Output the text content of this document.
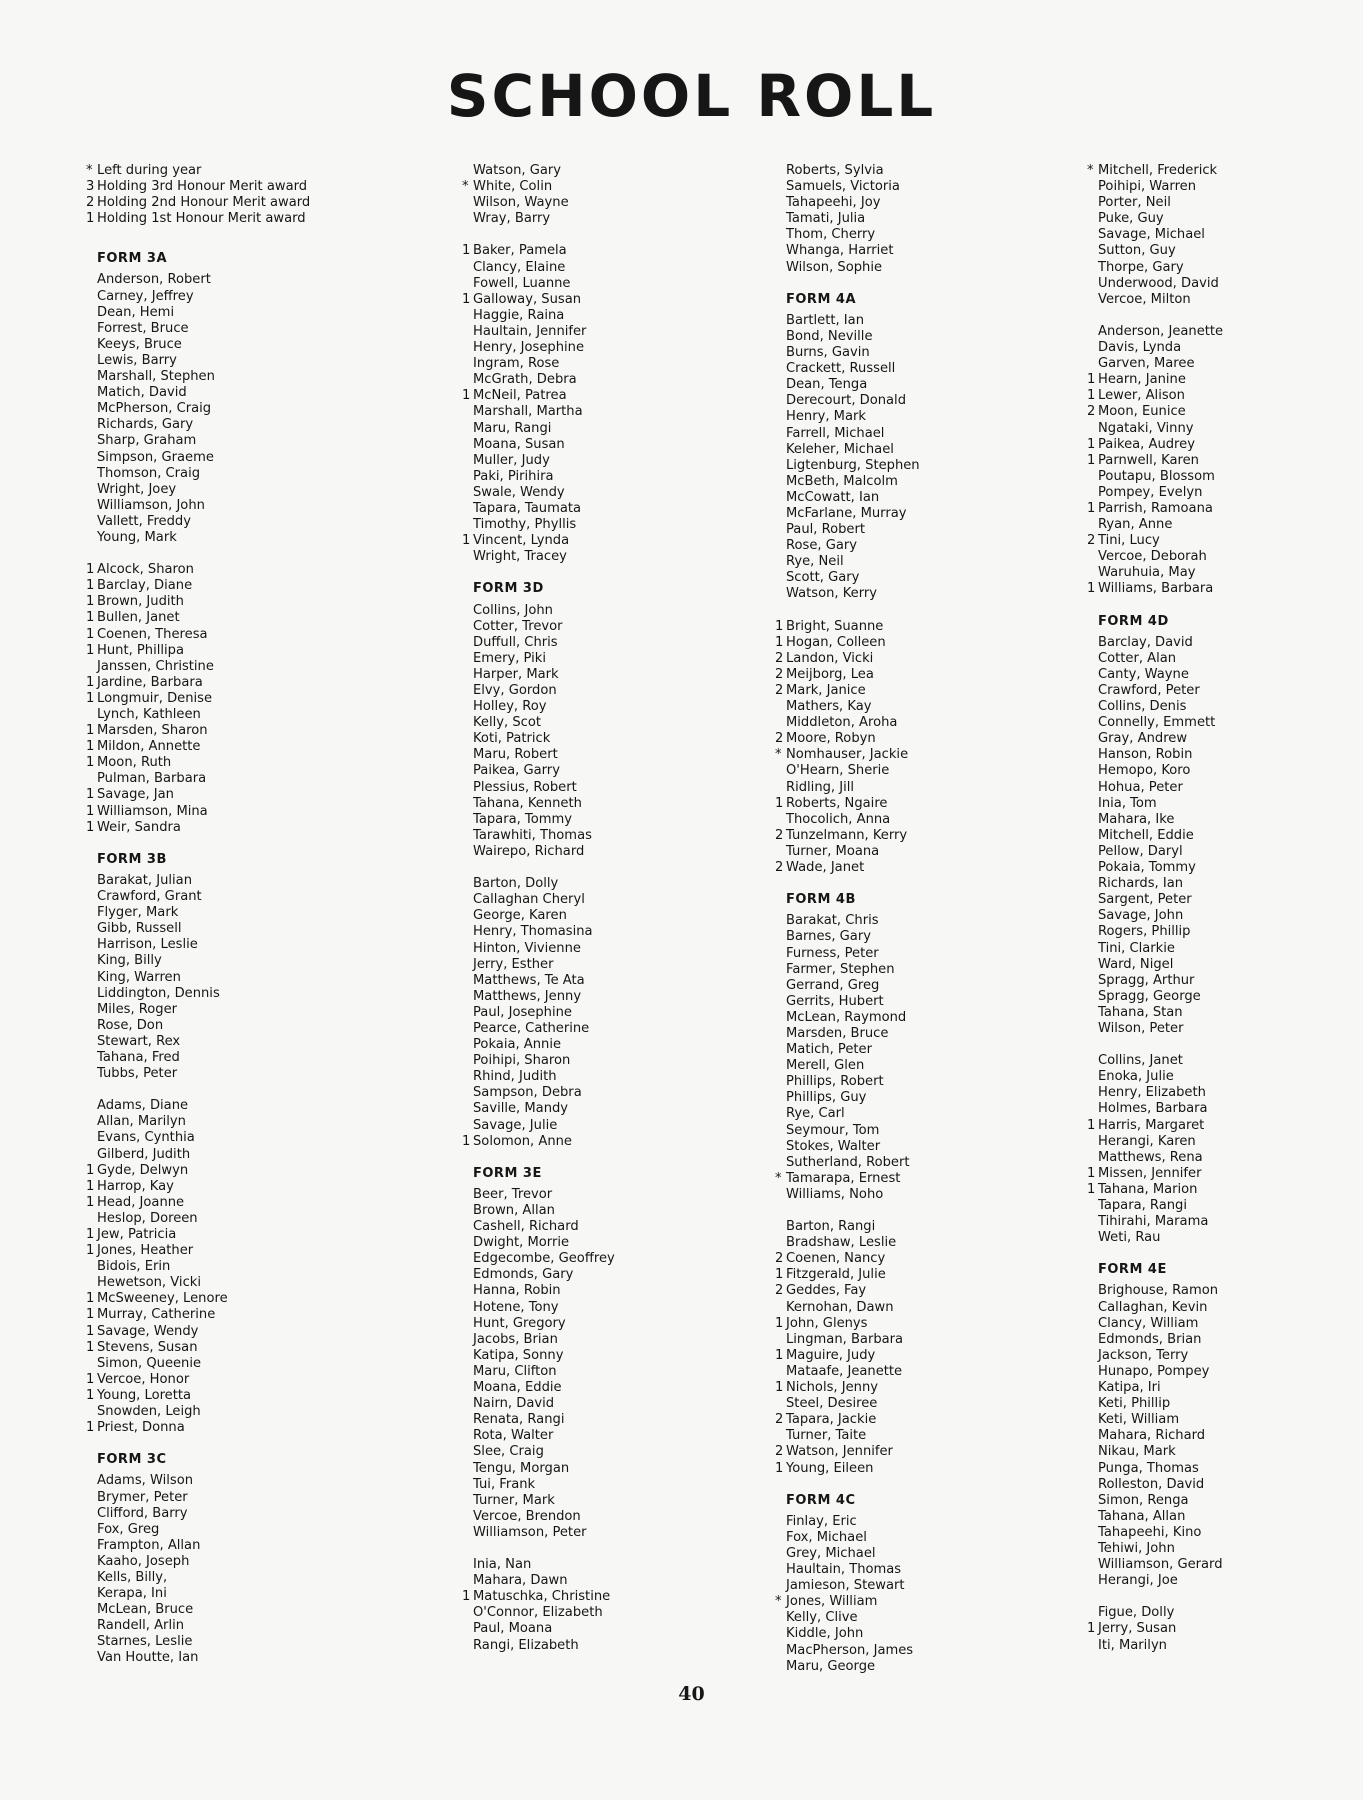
SCHOOL ROLL
* Left during year
3 Holding 3rd Honour Merit award
2 Holding 2nd Honour Merit award
1 Holding 1st Honour Merit award
FORM 3A
Anderson, Robert
Carney, Jeffrey
Dean, Hemi
Forrest, Bruce
Keeys, Bruce
Lewis, Barry
Marshall, Stephen
Matich, David
McPherson, Craig
Richards, Gary
Sharp, Graham
Simpson, Graeme
Thomson, Craig
Wright, Joey
Williamson, John
Vallett, Freddy
Young, Mark
1 Alcock, Sharon
1 Barclay, Diane
1 Brown, Judith
1 Bullen, Janet
1 Coenen, Theresa
1 Hunt, Phillipa
Janssen, Christine
1 Jardine, Barbara
1 Longmuir, Denise
Lynch, Kathleen
1 Marsden, Sharon
1 Mildon, Annette
1 Moon, Ruth
Pulman, Barbara
1 Savage, Jan
1 Williamson, Mina
1 Weir, Sandra
FORM 3B
Barakat, Julian
Crawford, Grant
Flyger, Mark
Gibb, Russell
Harrison, Leslie
King, Billy
King, Warren
Liddington, Dennis
Miles, Roger
Rose, Don
Stewart, Rex
Tahana, Fred
Tubbs, Peter
Adams, Diane
Allan, Marilyn
Evans, Cynthia
Gilberd, Judith
1 Gyde, Delwyn
1 Harrop, Kay
1 Head, Joanne
Heslop, Doreen
1 Jew, Patricia
1 Jones, Heather
Bidois, Erin
Hewetson, Vicki
1 McSweeney, Lenore
1 Murray, Catherine
1 Savage, Wendy
1 Stevens, Susan
Simon, Queenie
1 Vercoe, Honor
1 Young, Loretta
Snowden, Leigh
1 Priest, Donna
FORM 3C
Adams, Wilson
Brymer, Peter
Clifford, Barry
Fox, Greg
Frampton, Allan
Kaaho, Joseph
Kells, Billy,
Kerapa, Ini
McLean, Bruce
Randell, Arlin
Starnes, Leslie
Van Houtte, Ian
Watson, Gary
* White, Colin
Wilson, Wayne
Wray, Barry
1 Baker, Pamela
Clancy, Elaine
Fowell, Luanne
1 Galloway, Susan
Haggie, Raina
Haultain, Jennifer
Henry, Josephine
Ingram, Rose
McGrath, Debra
1 McNeil, Patrea
Marshall, Martha
Maru, Rangi
Moana, Susan
Muller, Judy
Paki, Pirihira
Swale, Wendy
Tapara, Taumata
Timothy, Phyllis
1 Vincent, Lynda
Wright, Tracey
FORM 3D
Collins, John
Cotter, Trevor
Duffull, Chris
Emery, Piki
Harper, Mark
Elvy, Gordon
Holley, Roy
Kelly, Scot
Koti, Patrick
Maru, Robert
Paikea, Garry
Plessius, Robert
Tahana, Kenneth
Tapara, Tommy
Tarawhiti, Thomas
Wairepo, Richard
Barton, Dolly
Callaghan Cheryl
George, Karen
Henry, Thomasina
Hinton, Vivienne
Jerry, Esther
Matthews, Te Ata
Matthews, Jenny
Paul, Josephine
Pearce, Catherine
Pokaia, Annie
Poihipi, Sharon
Rhind, Judith
Sampson, Debra
Saville, Mandy
Savage, Julie
1 Solomon, Anne
FORM 3E
Beer, Trevor
Brown, Allan
Cashell, Richard
Dwight, Morrie
Edgecombe, Geoffrey
Edmonds, Gary
Hanna, Robin
Hotene, Tony
Hunt, Gregory
Jacobs, Brian
Katipa, Sonny
Maru, Clifton
Moana, Eddie
Nairn, David
Renata, Rangi
Rota, Walter
Slee, Craig
Tengu, Morgan
Tui, Frank
Turner, Mark
Vercoe, Brendon
Williamson, Peter
Inia, Nan
Mahara, Dawn
1 Matuschka, Christine
O'Connor, Elizabeth
Paul, Moana
Rangi, Elizabeth
Roberts, Sylvia
Samuels, Victoria
Tahapeehi, Joy
Tamati, Julia
Thom, Cherry
Whanga, Harriet
Wilson, Sophie
FORM 4A
Bartlett, Ian
Bond, Neville
Burns, Gavin
Crackett, Russell
Dean, Tenga
Derecourt, Donald
Henry, Mark
Farrell, Michael
Keleher, Michael
Ligtenburg, Stephen
McBeth, Malcolm
McCowatt, Ian
McFarlane, Murray
Paul, Robert
Rose, Gary
Rye, Neil
Scott, Gary
Watson, Kerry
1 Bright, Suanne
1 Hogan, Colleen
2 Landon, Vicki
2 Meijborg, Lea
2 Mark, Janice
Mathers, Kay
Middleton, Aroha
2 Moore, Robyn
* Nomhauser, Jackie
O'Hearn, Sherie
Ridling, Jill
1 Roberts, Ngaire
Thocolich, Anna
2 Tunzelmann, Kerry
Turner, Moana
2 Wade, Janet
FORM 4B
Barakat, Chris
Barnes, Gary
Furness, Peter
Farmer, Stephen
Gerrand, Greg
Gerrits, Hubert
McLean, Raymond
Marsden, Bruce
Matich, Peter
Merell, Glen
Phillips, Robert
Phillips, Guy
Rye, Carl
Seymour, Tom
Stokes, Walter
Sutherland, Robert
* Tamarapa, Ernest
Williams, Noho
Barton, Rangi
Bradshaw, Leslie
2 Coenen, Nancy
1 Fitzgerald, Julie
2 Geddes, Fay
Kernohan, Dawn
1 John, Glenys
Lingman, Barbara
1 Maguire, Judy
Mataafe, Jeanette
1 Nichols, Jenny
Steel, Desiree
2 Tapara, Jackie
Turner, Taite
2 Watson, Jennifer
1 Young, Eileen
FORM 4C
Finlay, Eric
Fox, Michael
Grey, Michael
Haultain, Thomas
Jamieson, Stewart
* Jones, William
Kelly, Clive
Kiddle, John
MacPherson, James
Maru, George
* Mitchell, Frederick
Poihipi, Warren
Porter, Neil
Puke, Guy
Savage, Michael
Sutton, Guy
Thorpe, Gary
Underwood, David
Vercoe, Milton
Anderson, Jeanette
Davis, Lynda
Garven, Maree
1 Hearn, Janine
1 Lewer, Alison
2 Moon, Eunice
Ngataki, Vinny
1 Paikea, Audrey
1 Parnwell, Karen
Poutapu, Blossom
Pompey, Evelyn
1 Parrish, Ramoana
Ryan, Anne
2 Tini, Lucy
Vercoe, Deborah
Waruhuia, May
1 Williams, Barbara
FORM 4D
Barclay, David
Cotter, Alan
Canty, Wayne
Crawford, Peter
Collins, Denis
Connelly, Emmett
Gray, Andrew
Hanson, Robin
Hemopo, Koro
Hohua, Peter
Inia, Tom
Mahara, Ike
Mitchell, Eddie
Pellow, Daryl
Pokaia, Tommy
Richards, Ian
Sargent, Peter
Savage, John
Rogers, Phillip
Tini, Clarkie
Ward, Nigel
Spragg, Arthur
Spragg, George
Tahana, Stan
Wilson, Peter
Collins, Janet
Enoka, Julie
Henry, Elizabeth
Holmes, Barbara
1 Harris, Margaret
Herangi, Karen
Matthews, Rena
1 Missen, Jennifer
1 Tahana, Marion
Tapara, Rangi
Tihirahi, Marama
Weti, Rau
FORM 4E
Brighouse, Ramon
Callaghan, Kevin
Clancy, William
Edmonds, Brian
Jackson, Terry
Hunapo, Pompey
Katipa, Iri
Keti, Phillip
Keti, William
Mahara, Richard
Nikau, Mark
Punga, Thomas
Rolleston, David
Simon, Renga
Tahana, Allan
Tahapeehi, Kino
Tehiwi, John
Williamson, Gerard
Herangi, Joe
Figue, Dolly
1 Jerry, Susan
Iti, Marilyn
40
